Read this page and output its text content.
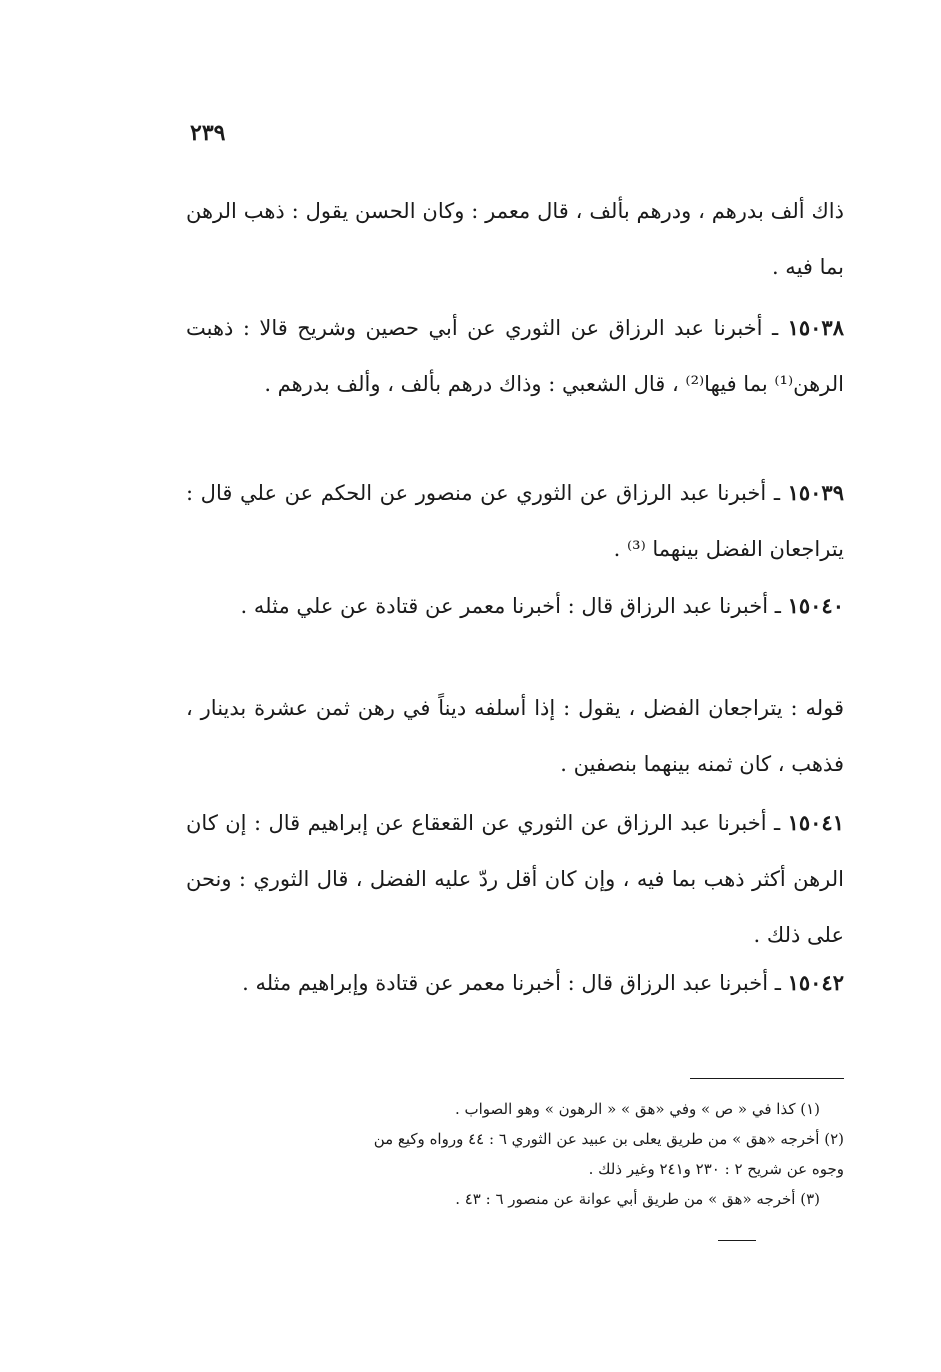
٢٣٩

ذاك ألف بدرهم ، ودرهم بألف ، قال معمر : وكان الحسن يقول : ذهب الرهن بما فيه .

١٥٠٣٨ ـ أخبرنا عبد الرزاق عن الثوري عن أبي حصين وشريح قالا : ذهبت الرهن⁽¹⁾ بما فيها⁽²⁾ ، قال الشعبي : وذاك درهم بألف ، وألف بدرهم .

١٥٠٣٩ ـ أخبرنا عبد الرزاق عن الثوري عن منصور عن الحكم عن علي قال : يتراجعان الفضل بينهما ⁽³⁾ .

١٥٠٤٠ ـ أخبرنا عبد الرزاق قال : أخبرنا معمر عن قتادة عن علي مثله .

قوله : يتراجعان الفضل ، يقول : إذا أسلفه ديناً في رهن ثمن عشرة بدينار ، فذهب ، كان ثمنه بينهما بنصفين .

١٥٠٤١ ـ أخبرنا عبد الرزاق عن الثوري عن القعقاع عن إبراهيم قال : إن كان الرهن أكثر ذهب بما فيه ، وإن كان أقل ردّ عليه الفضل ، قال الثوري : ونحن على ذلك .

١٥٠٤٢ ـ أخبرنا عبد الرزاق قال : أخبرنا معمر عن قتادة وإبراهيم مثله .

(١) كذا في « ص » وفي «هق » « الرهون » وهو الصواب .

(٢) أخرجه «هق » من طريق يعلى بن عبيد عن الثوري ٦ : ٤٤ ورواه وكيع من

وجوه عن شريح ٢ : ٢٣٠ و٢٤١ وغير ذلك .

(٣) أخرجه «هق » من طريق أبي عوانة عن منصور ٦ : ٤٣ .
